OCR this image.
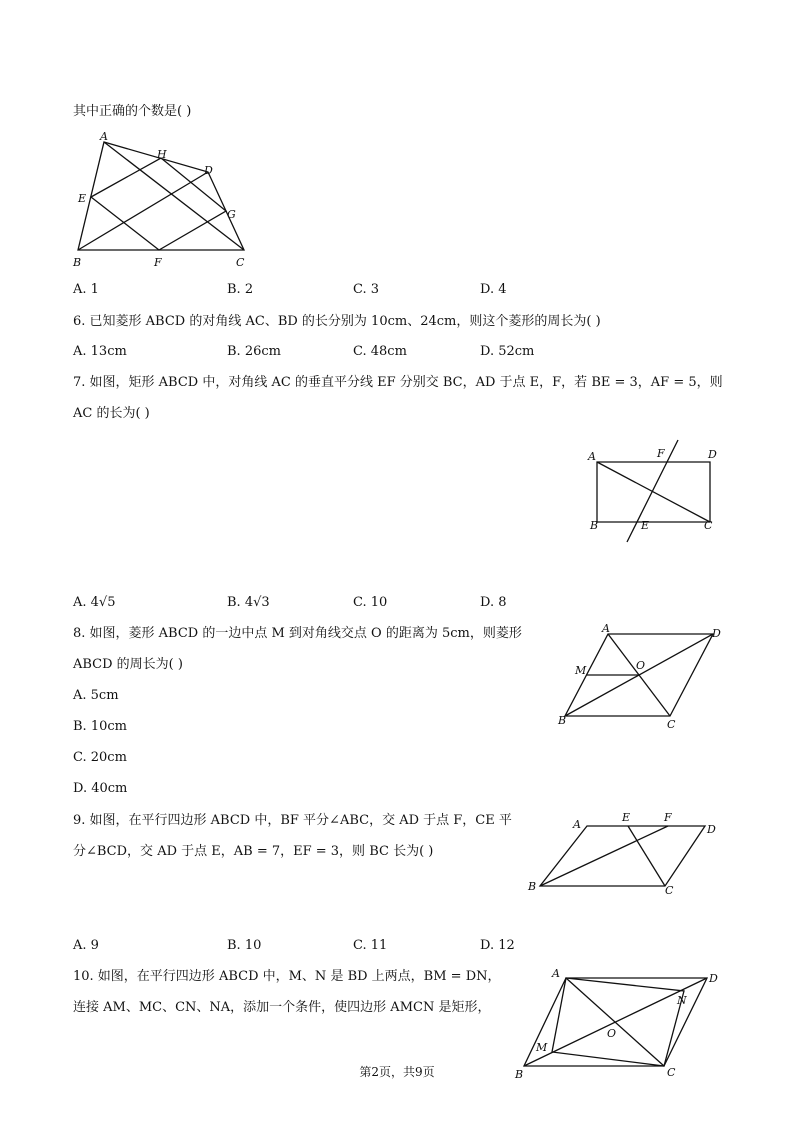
其中正确的个数是( )
A
H
D
E
G
B	F	C
A. 1	B. 2	C. 3	D. 4
6. 已知菱形 ABCD 的对角线 AC、BD 的长分别为 10cm、24cm，则这个菱形的周长为( )
A. 13cm	B. 26cm	C. 48cm	D. 52cm
7. 如图，矩形 ABCD 中，对角线 AC 的垂直平分线 EF 分别交 BC，AD 于点 E，F，若 BE = 3，AF = 5，则
AC 的长为( )
A	F	D
B	E	C
A. 4√5	B. 4√3	C. 10	D. 8
8. 如图，菱形 ABCD 的一边中点 M 到对角线交点 O 的距离为 5cm，则菱形
ABCD 的周长为( )
A	D
M	O
B	C
A. 5cm
B. 10cm
C. 20cm
D. 40cm
9. 如图，在平行四边形 ABCD 中，BF 平分∠ABC，交 AD 于点 F，CE 平
分∠BCD，交 AD 于点 E，AB = 7，EF = 3，则 BC 长为( )
A
E	F
D
B	C
A. 9	B. 10	C. 11	D. 12
10. 如图，在平行四边形 ABCD 中，M、N 是 BD 上两点，BM = DN，
连接 AM、MC、CN、NA，添加一个条件，使四边形 AMCN 是矩形，
A	D
N
O
M
B	C
第2页，共9页
